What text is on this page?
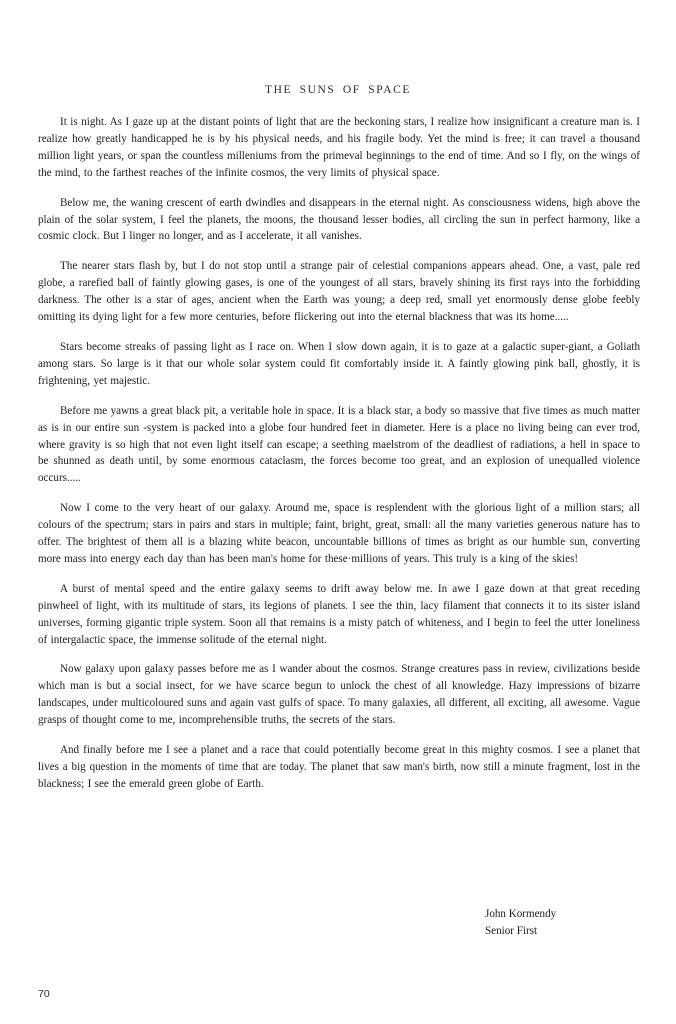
THE SUNS OF SPACE

It is night. As I gaze up at the distant points of light that are the beckoning stars, I realize how insignificant a creature man is. I realize how greatly handicapped he is by his physical needs, and his fragile body. Yet the mind is free; it can travel a thousand million light years, or span the countless milleniums from the primeval beginnings to the end of time. And so I fly, on the wings of the mind, to the farthest reaches of the infinite cosmos, the very limits of physical space.

Below me, the waning crescent of earth dwindles and disappears in the eternal night. As consciousness widens, high above the plain of the solar system, I feel the planets, the moons, the thousand lesser bodies, all circling the sun in perfect harmony, like a cosmic clock. But I linger no longer, and as I accelerate, it all vanishes.

The nearer stars flash by, but I do not stop until a strange pair of celestial companions appears ahead. One, a vast, pale red globe, a rarefied ball of faintly glowing gases, is one of the youngest of all stars, bravely shining its first rays into the forbidding darkness. The other is a star of ages, ancient when the Earth was young; a deep red, small yet enormously dense globe feebly omitting its dying light for a few more centuries, before flickering out into the eternal blackness that was its home.....

Stars become streaks of passing light as I race on. When I slow down again, it is to gaze at a galactic super-giant, a Goliath among stars. So large is it that our whole solar system could fit comfortably inside it. A faintly glowing pink ball, ghostly, it is frightening, yet majestic.

Before me yawns a great black pit, a veritable hole in space. It is a black star, a body so massive that five times as much matter as is in our entire sun -system is packed into a globe four hundred feet in diameter. Here is a place no living being can ever trod, where gravity is so high that not even light itself can escape; a seething maelstrom of the deadliest of radiations, a hell in space to be shunned as death until, by some enormous cataclasm, the forces become too great, and an explosion of unequalled violence occurs.....

Now I come to the very heart of our galaxy. Around me, space is resplendent with the glorious light of a million stars; all colours of the spectrum; stars in pairs and stars in multiple; faint, bright, great, small: all the many varieties generous nature has to offer. The brightest of them all is a blazing white beacon, uncountable billions of times as bright as our humble sun, converting more mass into energy each day than has been man's home for these·millions of years. This truly is a king of the skies!

A burst of mental speed and the entire galaxy seems to drift away below me. In awe I gaze down at that great receding pinwheel of light, with its multitude of stars, its legions of planets. I see the thin, lacy filament that connects it to its sister island universes, forming gigantic triple system. Soon all that remains is a misty patch of whiteness, and I begin to feel the utter loneliness of intergalactic space, the immense solitude of the eternal night.

Now galaxy upon galaxy passes before me as I wander about the cosmos. Strange creatures pass in review, civilizations beside which man is but a social insect, for we have scarce begun to unlock the chest of all knowledge. Hazy impressions of bizarre landscapes, under multicoloured suns and again vast gulfs of space. To many galaxies, all different, all exciting, all awesome. Vague grasps of thought come to me, incomprehensible truths, the secrets of the stars.

And finally before me I see a planet and a race that could potentially become great in this mighty cosmos. I see a planet that lives a big question in the moments of time that are today. The planet that saw man's birth, now still a minute fragment, lost in the blackness; I see the emerald green globe of Earth.

John Kormendy
Senior First
70
